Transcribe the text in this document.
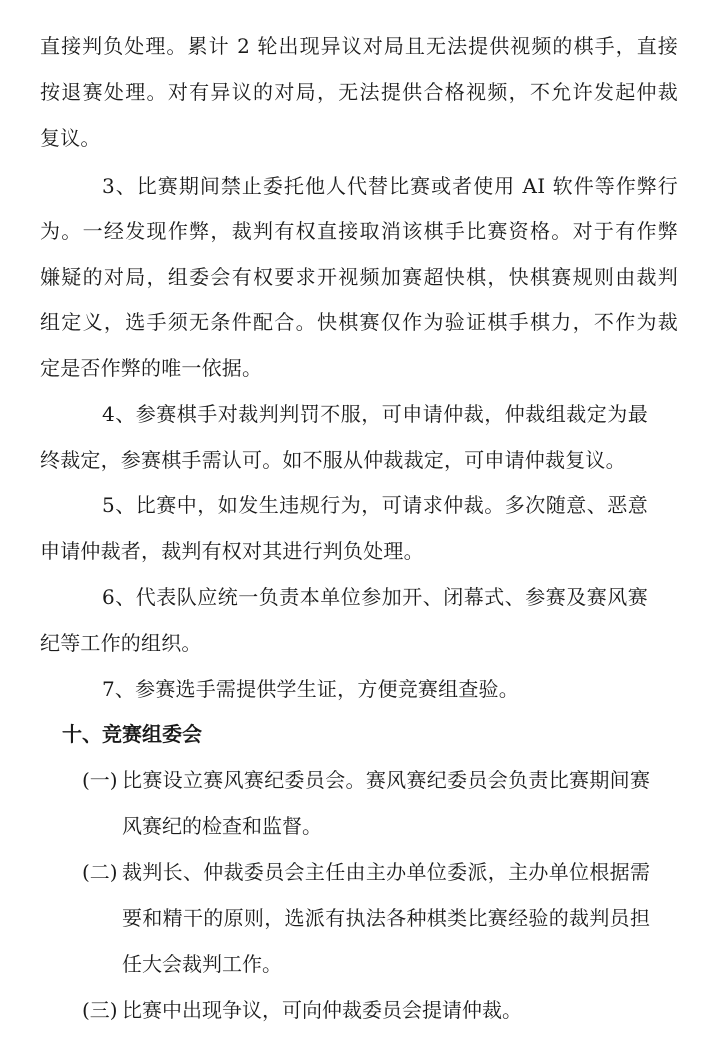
直接判负处理。累计 2 轮出现异议对局且无法提供视频的棋手，直接
按退赛处理。对有异议的对局，无法提供合格视频，不允许发起仲裁
复议。
3、比赛期间禁止委托他人代替比赛或者使用 AI 软件等作弊行
为。一经发现作弊，裁判有权直接取消该棋手比赛资格。对于有作弊
嫌疑的对局，组委会有权要求开视频加赛超快棋，快棋赛规则由裁判
组定义，选手须无条件配合。快棋赛仅作为验证棋手棋力，不作为裁
定是否作弊的唯一依据。
4、参赛棋手对裁判判罚不服，可申请仲裁，仲裁组裁定为最
终裁定，参赛棋手需认可。如不服从仲裁裁定，可申请仲裁复议。
5、比赛中，如发生违规行为，可请求仲裁。多次随意、恶意
申请仲裁者，裁判有权对其进行判负处理。
6、代表队应统一负责本单位参加开、闭幕式、参赛及赛风赛
纪等工作的组织。
7、参赛选手需提供学生证，方便竞赛组查验。
十、竞赛组委会
(一) 比赛设立赛风赛纪委员会。赛风赛纪委员会负责比赛期间赛
风赛纪的检查和监督。
(二) 裁判长、仲裁委员会主任由主办单位委派，主办单位根据需
要和精干的原则，选派有执法各种棋类比赛经验的裁判员担
任大会裁判工作。
(三) 比赛中出现争议，可向仲裁委员会提请仲裁。
